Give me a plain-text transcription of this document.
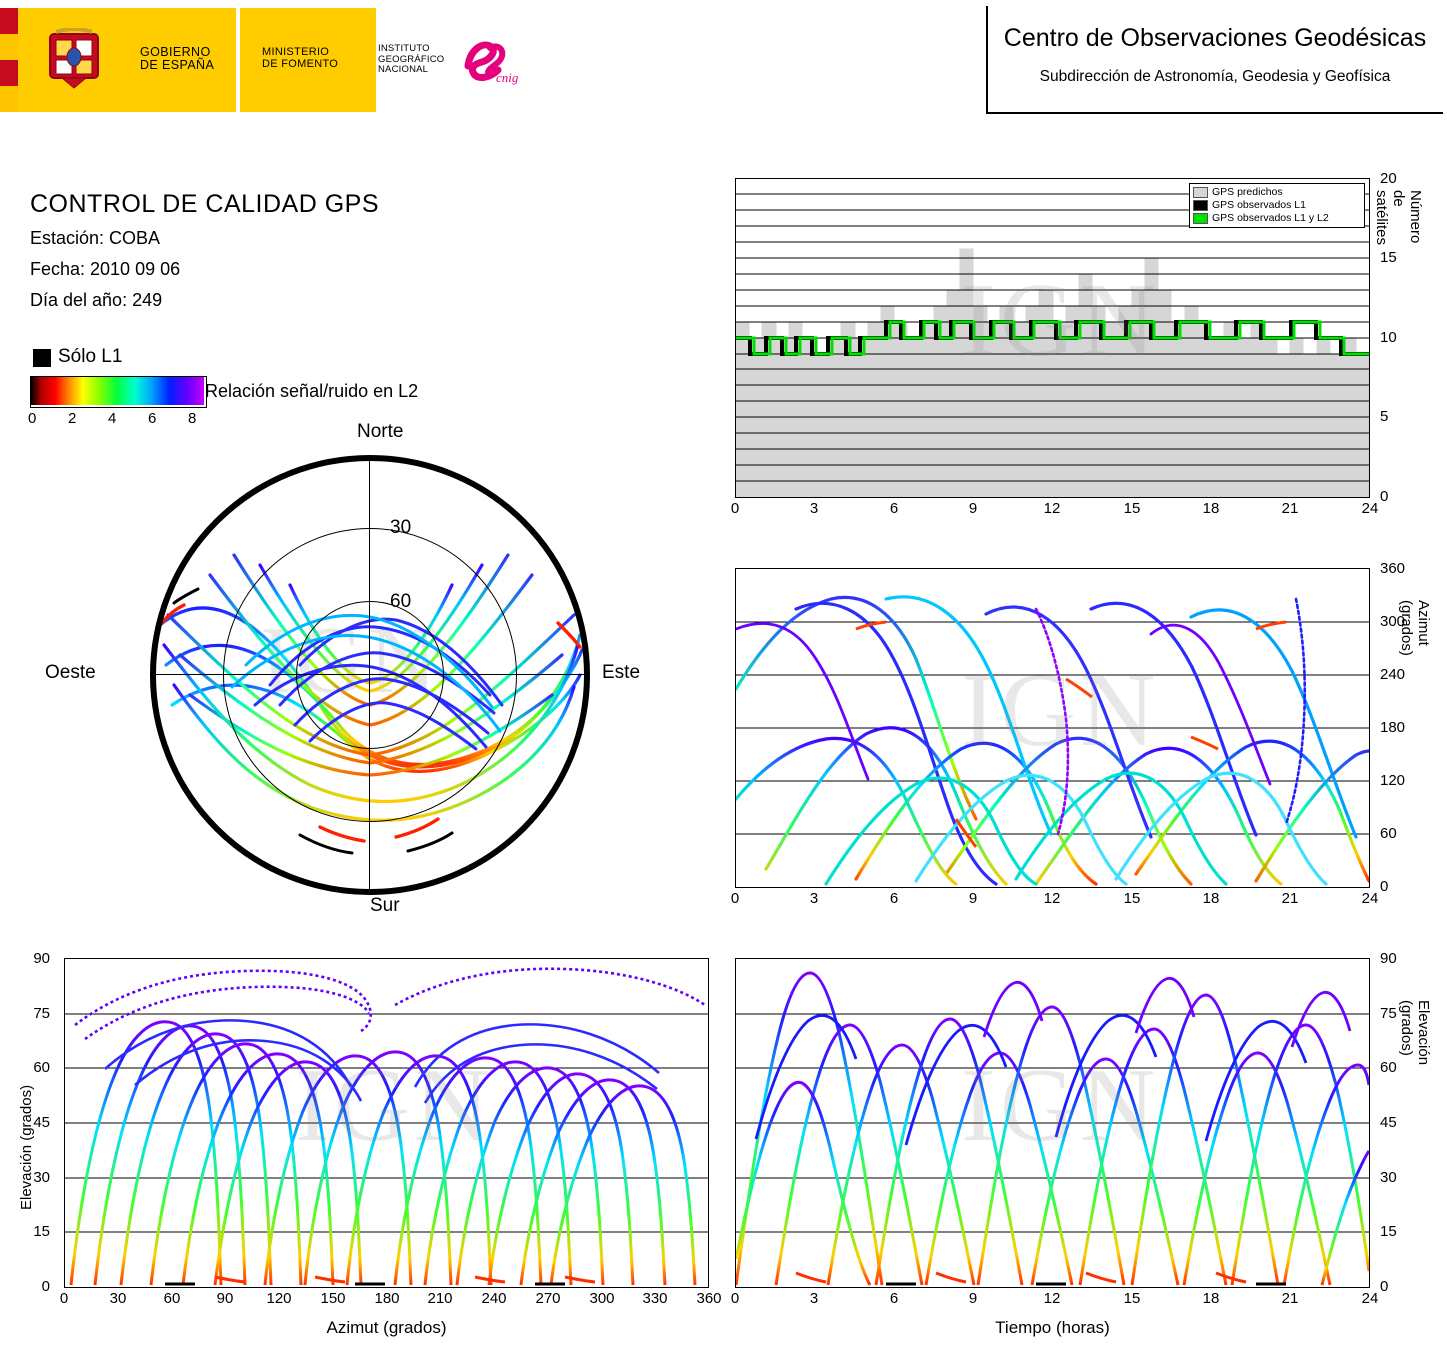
GOBIERNO
DE ESPAÑA
MINISTERIO
DE FOMENTO
INSTITUTO
GEOGRÁFICO
NACIONAL
cnig
Centro de Observaciones Geodésicas
Subdirección de Astronomía, Geodesia y Geofísica
CONTROL DE CALIDAD GPS
Estación: COBA
Fecha: 2010 09 06
Día del año: 249
Sólo L1
Relación señal/ruido en L2
0 2 4 6 8
IGN
Norte
Sur
Oeste	Este
30
60
IGN
GPS predichos
GPS observados L1
GPS observados L1 y L2
0	3	6	9	12	15	18	21	24
0
5
10
15
20
Número de satélites
IGN
0	3	6	9	12	15	18	21	24
0
60
120
180
240
300
360
Azimut (grados)
IGN
0	30 60 90 120 150 180 210 240 270 300 330 360
0
15
30
45
60
75
90
Elevación (grados)
Azimut (grados)
IGN
0	3	6	9	12	15	18	21	24
0
15
30
45
60
75
90
Elevación (grados)
Tiempo (horas)
